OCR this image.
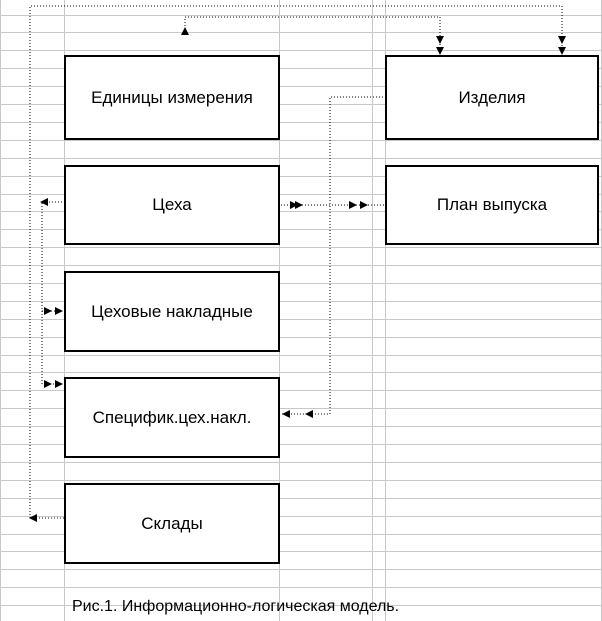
Единицы измерения
Цеха
Цеховые накладные
Специфик.цех.накл.
Склады
Изделия
План выпуска
Рис.1. Информационно-логическая модель.
